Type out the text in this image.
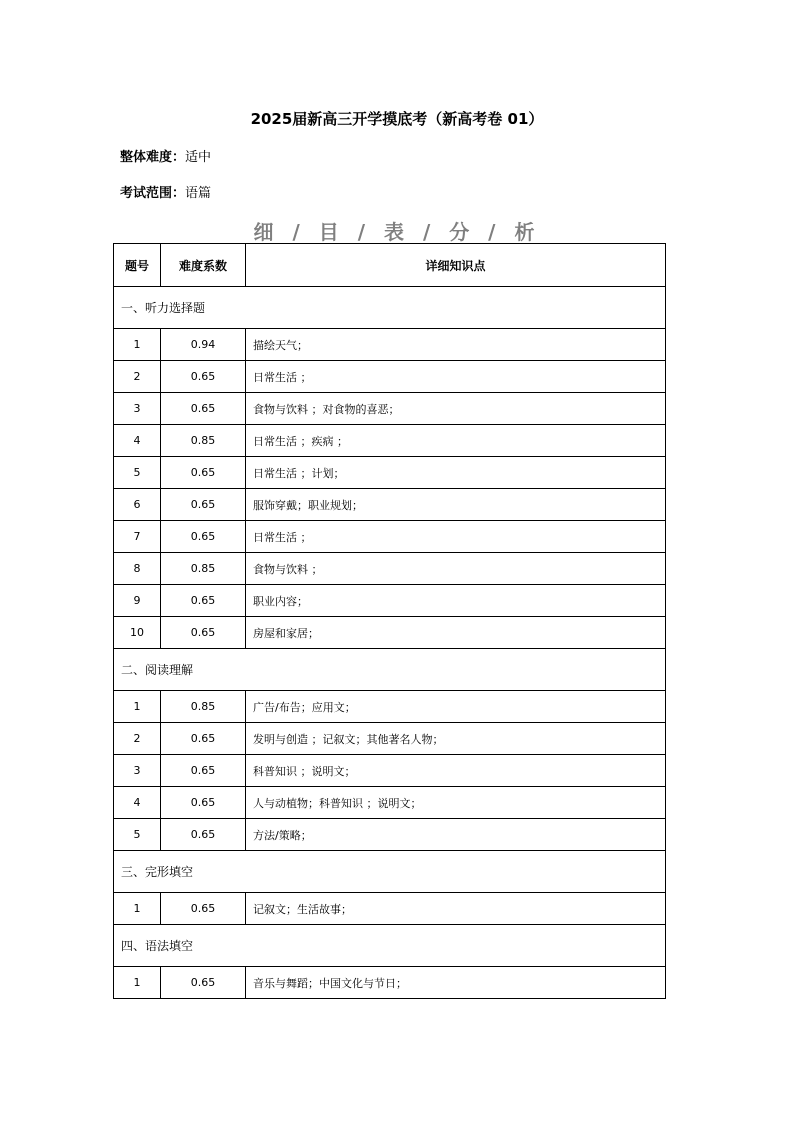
2025届新高三开学摸底考（新高考卷 01）
整体难度：适中
考试范围：语篇
细 / 目 / 表 / 分 / 析
题号	难度系数	详细知识点
一、听力选择题		
1	0.94	描绘天气；
2	0.65	日常生活 ；
3	0.65	食物与饮料 ；对食物的喜恶；
4	0.85	日常生活 ；疾病 ；
5	0.65	日常生活 ；计划；
6	0.65	服饰穿戴；职业规划；
7	0.65	日常生活 ；
8	0.85	食物与饮料 ；
9	0.65	职业内容；
10	0.65	房屋和家居；
二、阅读理解		
1	0.85	广告/布告；应用文；
2	0.65	发明与创造 ；记叙文；其他著名人物；
3	0.65	科普知识 ；说明文；
4	0.65	人与动植物；科普知识 ；说明文；
5	0.65	方法/策略；
三、完形填空		
1	0.65	记叙文；生活故事；
四、语法填空		
1	0.65	音乐与舞蹈；中国文化与节日；
